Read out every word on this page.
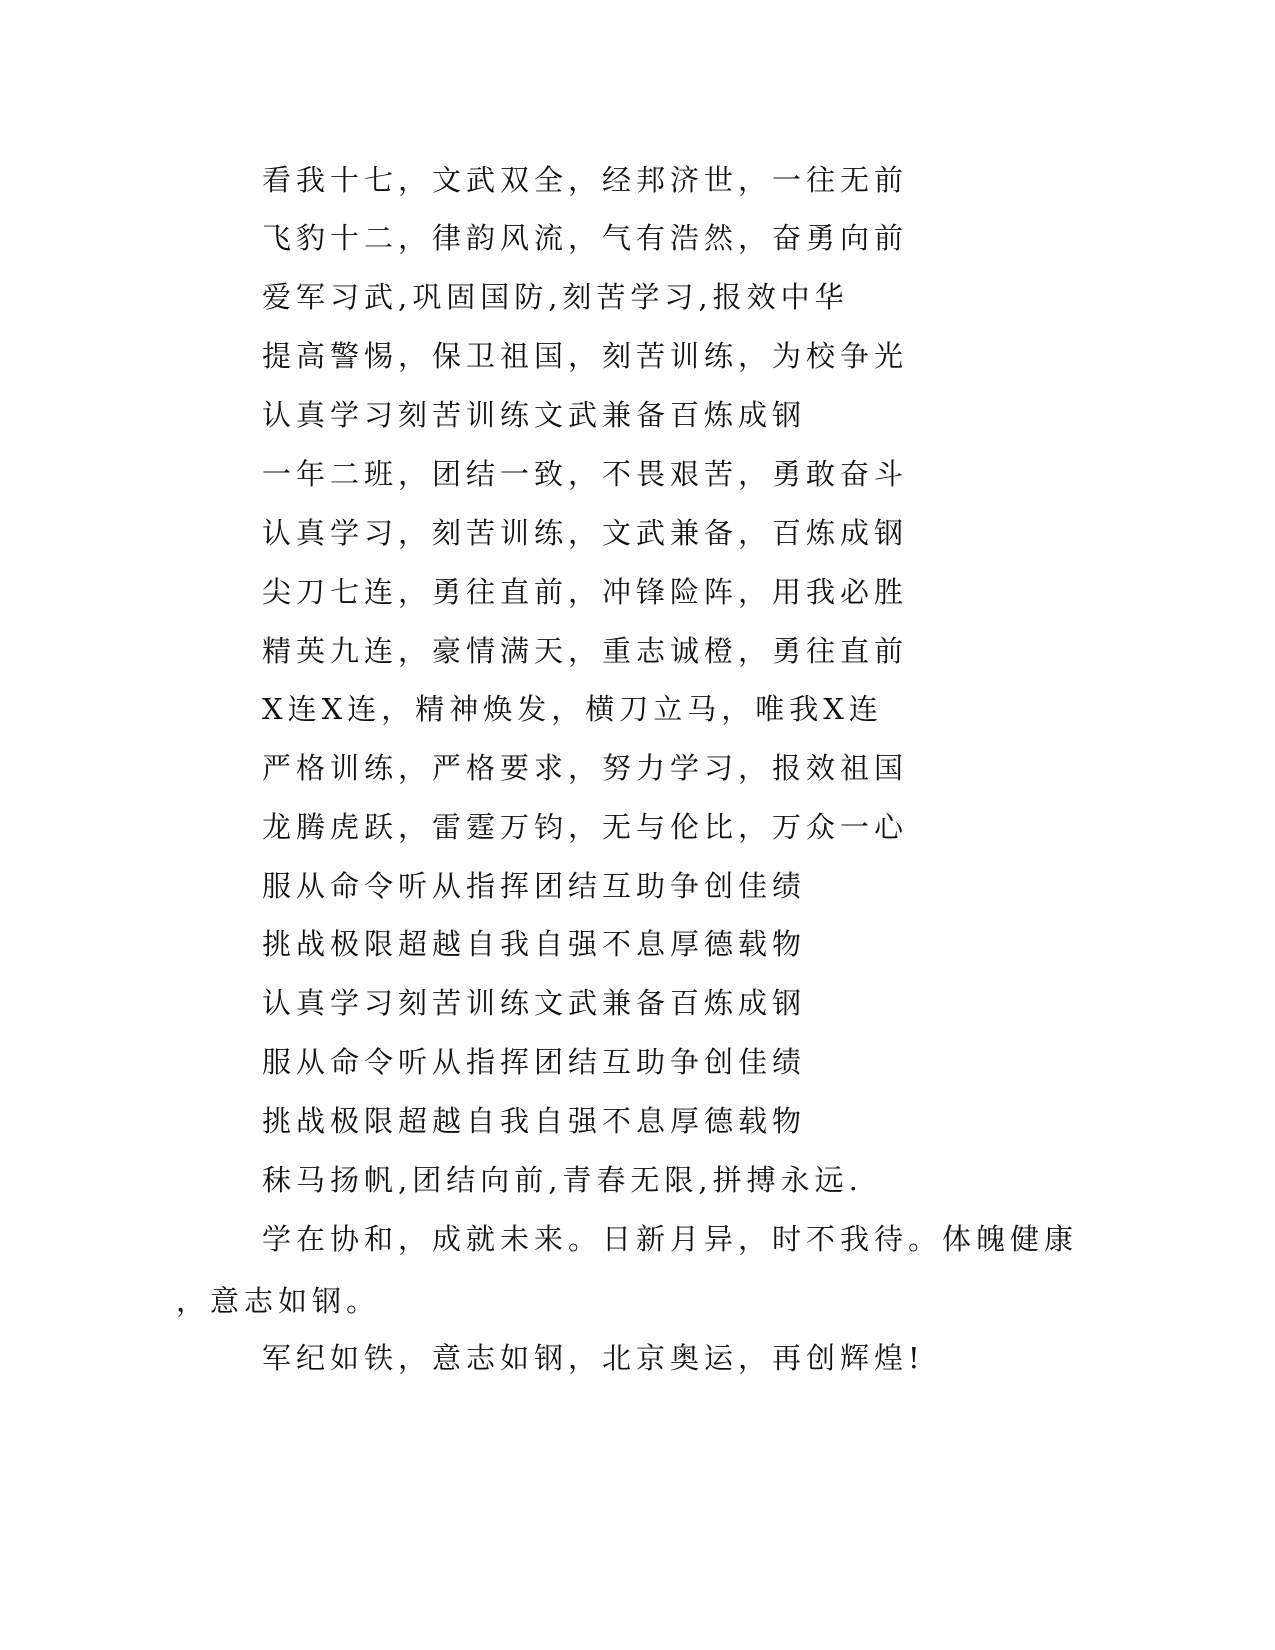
看我十七，文武双全，经邦济世，一往无前
飞豹十二，律韵风流，气有浩然，奋勇向前
爱军习武,巩固国防,刻苦学习,报效中华
提高警惕，保卫祖国，刻苦训练，为校争光
认真学习刻苦训练文武兼备百炼成钢
一年二班，团结一致，不畏艰苦，勇敢奋斗
认真学习，刻苦训练，文武兼备，百炼成钢
尖刀七连，勇往直前，冲锋险阵，用我必胜
精英九连，豪情满天，重志诚橙，勇往直前
X连X连，精神焕发，横刀立马，唯我X连
严格训练，严格要求，努力学习，报效祖国
龙腾虎跃，雷霆万钧，无与伦比，万众一心
服从命令听从指挥团结互助争创佳绩
挑战极限超越自我自强不息厚德载物
认真学习刻苦训练文武兼备百炼成钢
服从命令听从指挥团结互助争创佳绩
挑战极限超越自我自强不息厚德载物
秣马扬帆,团结向前,青春无限,拼搏永远.
学在协和，成就未来。日新月异，时不我待。体魄健康
，意志如钢。
军纪如铁，意志如钢，北京奥运，再创辉煌!
